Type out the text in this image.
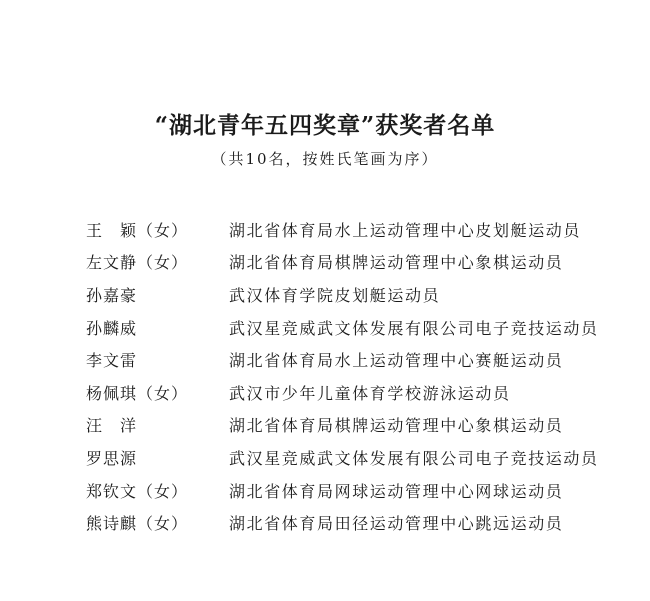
“湖北青年五四奖章”获奖者名单
（共10名，按姓氏笔画为序）
王　颖（女）	湖北省体育局水上运动管理中心皮划艇运动员
左文静（女）	湖北省体育局棋牌运动管理中心象棋运动员
孙嘉豪	武汉体育学院皮划艇运动员
孙麟威	武汉星竞威武文体发展有限公司电子竞技运动员
李文雷	湖北省体育局水上运动管理中心赛艇运动员
杨佩琪（女）	武汉市少年儿童体育学校游泳运动员
汪　洋	湖北省体育局棋牌运动管理中心象棋运动员
罗思源	武汉星竞威武文体发展有限公司电子竞技运动员
郑钦文（女）	湖北省体育局网球运动管理中心网球运动员
熊诗麒（女）	湖北省体育局田径运动管理中心跳远运动员
